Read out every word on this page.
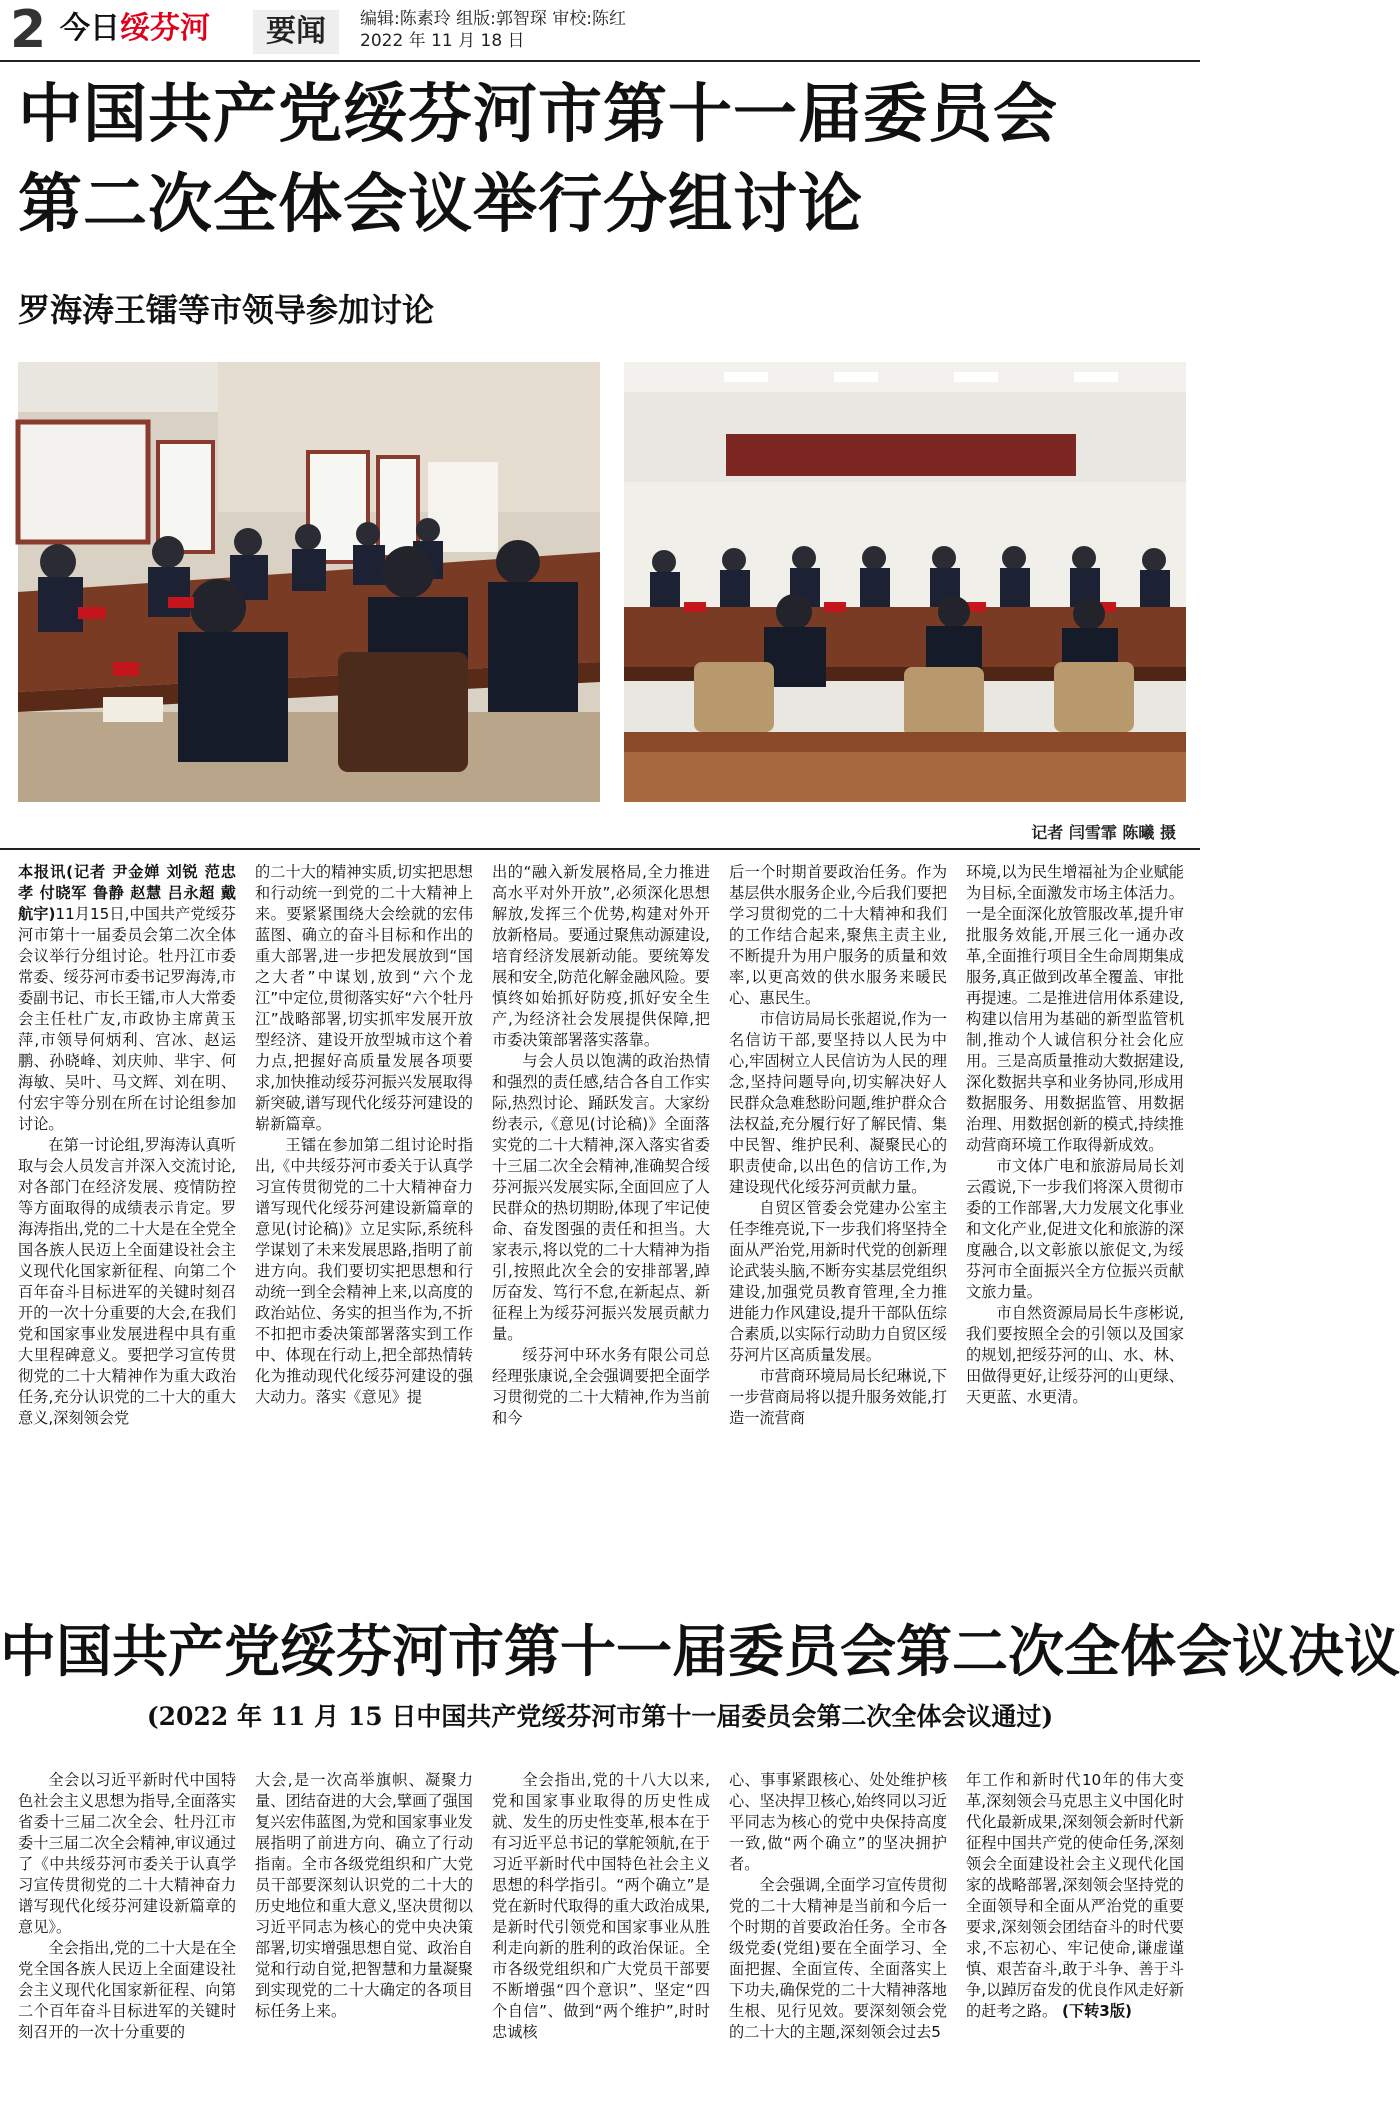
2 今日绥芬河	要闻	编辑:陈素玲 组版:郭智琛 审校:陈红
2022 年 11 月 18 日
中国共产党绥芬河市第十一届委员会
第二次全体会议举行分组讨论
罗海涛王镭等市领导参加讨论
记者 闫雪霏 陈曦 摄

本报讯(记者 尹金婵 刘锐 范忠孝 付晓军 鲁静 赵慧 吕永超 戴航宇)11月15日,中国共产党绥芬河市第十一届委员会第二次全体会议举行分组讨论。牡丹江市委常委、绥芬河市委书记罗海涛,市委副书记、市长王镭,市人大常委会主任杜广友,市政协主席黄玉萍,市领导何炳利、宫冰、赵运鹏、孙晓峰、刘庆帅、芈宇、何海敏、吴叶、马文辉、刘在明、付宏宇等分别在所在讨论组参加讨论。

在第一讨论组,罗海涛认真听取与会人员发言并深入交流讨论,对各部门在经济发展、疫情防控等方面取得的成绩表示肯定。罗海涛指出,党的二十大是在全党全国各族人民迈上全面建设社会主义现代化国家新征程、向第二个百年奋斗目标进军的关键时刻召开的一次十分重要的大会,在我们党和国家事业发展进程中具有重大里程碑意义。要把学习宣传贯彻党的二十大精神作为重大政治任务,充分认识党的二十大的重大意义,深刻领会党

的二十大的精神实质,切实把思想和行动统一到党的二十大精神上来。要紧紧围绕大会绘就的宏伟蓝图、确立的奋斗目标和作出的重大部署,进一步把发展放到“国之大者”中谋划,放到“六个龙江”中定位,贯彻落实好“六个牡丹江”战略部署,切实抓牢发展开放型经济、建设开放型城市这个着力点,把握好高质量发展各项要求,加快推动绥芬河振兴发展取得新突破,谱写现代化绥芬河建设的崭新篇章。

王镭在参加第二组讨论时指出,《中共绥芬河市委关于认真学习宣传贯彻党的二十大精神奋力谱写现代化绥芬河建设新篇章的意见(讨论稿)》立足实际,系统科学谋划了未来发展思路,指明了前进方向。我们要切实把思想和行动统一到全会精神上来,以高度的政治站位、务实的担当作为,不折不扣把市委决策部署落实到工作中、体现在行动上,把全部热情转化为推动现代化绥芬河建设的强大动力。落实《意见》提

出的“融入新发展格局,全力推进高水平对外开放”,必须深化思想解放,发挥三个优势,构建对外开放新格局。要通过聚焦动源建设,培育经济发展新动能。要统筹发展和安全,防范化解金融风险。要慎终如始抓好防疫,抓好安全生产,为经济社会发展提供保障,把市委决策部署落实落靠。

与会人员以饱满的政治热情和强烈的责任感,结合各自工作实际,热烈讨论、踊跃发言。大家纷纷表示,《意见(讨论稿)》全面落实党的二十大精神,深入落实省委十三届二次全会精神,准确契合绥芬河振兴发展实际,全面回应了人民群众的热切期盼,体现了牢记使命、奋发图强的责任和担当。大家表示,将以党的二十大精神为指引,按照此次全会的安排部署,踔厉奋发、笃行不怠,在新起点、新征程上为绥芬河振兴发展贡献力量。

绥芬河中环水务有限公司总经理张康说,全会强调要把全面学习贯彻党的二十大精神,作为当前和今

后一个时期首要政治任务。作为基层供水服务企业,今后我们要把学习贯彻党的二十大精神和我们的工作结合起来,聚焦主责主业,不断提升为用户服务的质量和效率,以更高效的供水服务来暖民心、惠民生。

市信访局局长张超说,作为一名信访干部,要坚持以人民为中心,牢固树立人民信访为人民的理念,坚持问题导向,切实解决好人民群众急难愁盼问题,维护群众合法权益,充分履行好了解民情、集中民智、维护民利、凝聚民心的职责使命,以出色的信访工作,为建设现代化绥芬河贡献力量。

自贸区管委会党建办公室主任李维亮说,下一步我们将坚持全面从严治党,用新时代党的创新理论武装头脑,不断夯实基层党组织建设,加强党员教育管理,全力推进能力作风建设,提升干部队伍综合素质,以实际行动助力自贸区绥芬河片区高质量发展。

市营商环境局局长纪琳说,下一步营商局将以提升服务效能,打造一流营商

环境,以为民生增福祉为企业赋能为目标,全面激发市场主体活力。一是全面深化放管服改革,提升审批服务效能,开展三化一通办改革,全面推行项目全生命周期集成服务,真正做到改革全覆盖、审批再提速。二是推进信用体系建设,构建以信用为基础的新型监管机制,推动个人诚信积分社会化应用。三是高质量推动大数据建设,深化数据共享和业务协同,形成用数据服务、用数据监管、用数据治理、用数据创新的模式,持续推动营商环境工作取得新成效。

市文体广电和旅游局局长刘云霞说,下一步我们将深入贯彻市委的工作部署,大力发展文化事业和文化产业,促进文化和旅游的深度融合,以文彰旅以旅促文,为绥芬河市全面振兴全方位振兴贡献文旅力量。

市自然资源局局长牛彦彬说,我们要按照全会的引领以及国家的规划,把绥芬河的山、水、林、田做得更好,让绥芬河的山更绿、天更蓝、水更清。

中国共产党绥芬河市第十一届委员会第二次全体会议决议
(2022 年 11 月 15 日中国共产党绥芬河市第十一届委员会第二次全体会议通过)

全会以习近平新时代中国特色社会主义思想为指导,全面落实省委十三届二次全会、牡丹江市委十三届二次全会精神,审议通过了《中共绥芬河市委关于认真学习宣传贯彻党的二十大精神奋力谱写现代化绥芬河建设新篇章的意见》。

全会指出,党的二十大是在全党全国各族人民迈上全面建设社会主义现代化国家新征程、向第二个百年奋斗目标进军的关键时刻召开的一次十分重要的

大会,是一次高举旗帜、凝聚力量、团结奋进的大会,擘画了强国复兴宏伟蓝图,为党和国家事业发展指明了前进方向、确立了行动指南。全市各级党组织和广大党员干部要深刻认识党的二十大的历史地位和重大意义,坚决贯彻以习近平同志为核心的党中央决策部署,切实增强思想自觉、政治自觉和行动自觉,把智慧和力量凝聚到实现党的二十大确定的各项目标任务上来。

全会指出,党的十八大以来,党和国家事业取得的历史性成就、发生的历史性变革,根本在于有习近平总书记的掌舵领航,在于习近平新时代中国特色社会主义思想的科学指引。“两个确立”是党在新时代取得的重大政治成果,是新时代引领党和国家事业从胜利走向新的胜利的政治保证。全市各级党组织和广大党员干部要不断增强“四个意识”、坚定“四个自信”、做到“两个维护”,时时忠诚核

心、事事紧跟核心、处处维护核心、坚决捍卫核心,始终同以习近平同志为核心的党中央保持高度一致,做“两个确立”的坚决拥护者。

全会强调,全面学习宣传贯彻党的二十大精神是当前和今后一个时期的首要政治任务。全市各级党委(党组)要在全面学习、全面把握、全面宣传、全面落实上下功夫,确保党的二十大精神落地生根、见行见效。要深刻领会党的二十大的主题,深刻领会过去5

年工作和新时代10年的伟大变革,深刻领会马克思主义中国化时代化最新成果,深刻领会新时代新征程中国共产党的使命任务,深刻领会全面建设社会主义现代化国家的战略部署,深刻领会坚持党的全面领导和全面从严治党的重要要求,深刻领会团结奋斗的时代要求,不忘初心、牢记使命,谦虚谨慎、艰苦奋斗,敢于斗争、善于斗争,以踔厉奋发的优良作风走好新的赶考之路。 (下转3版)
